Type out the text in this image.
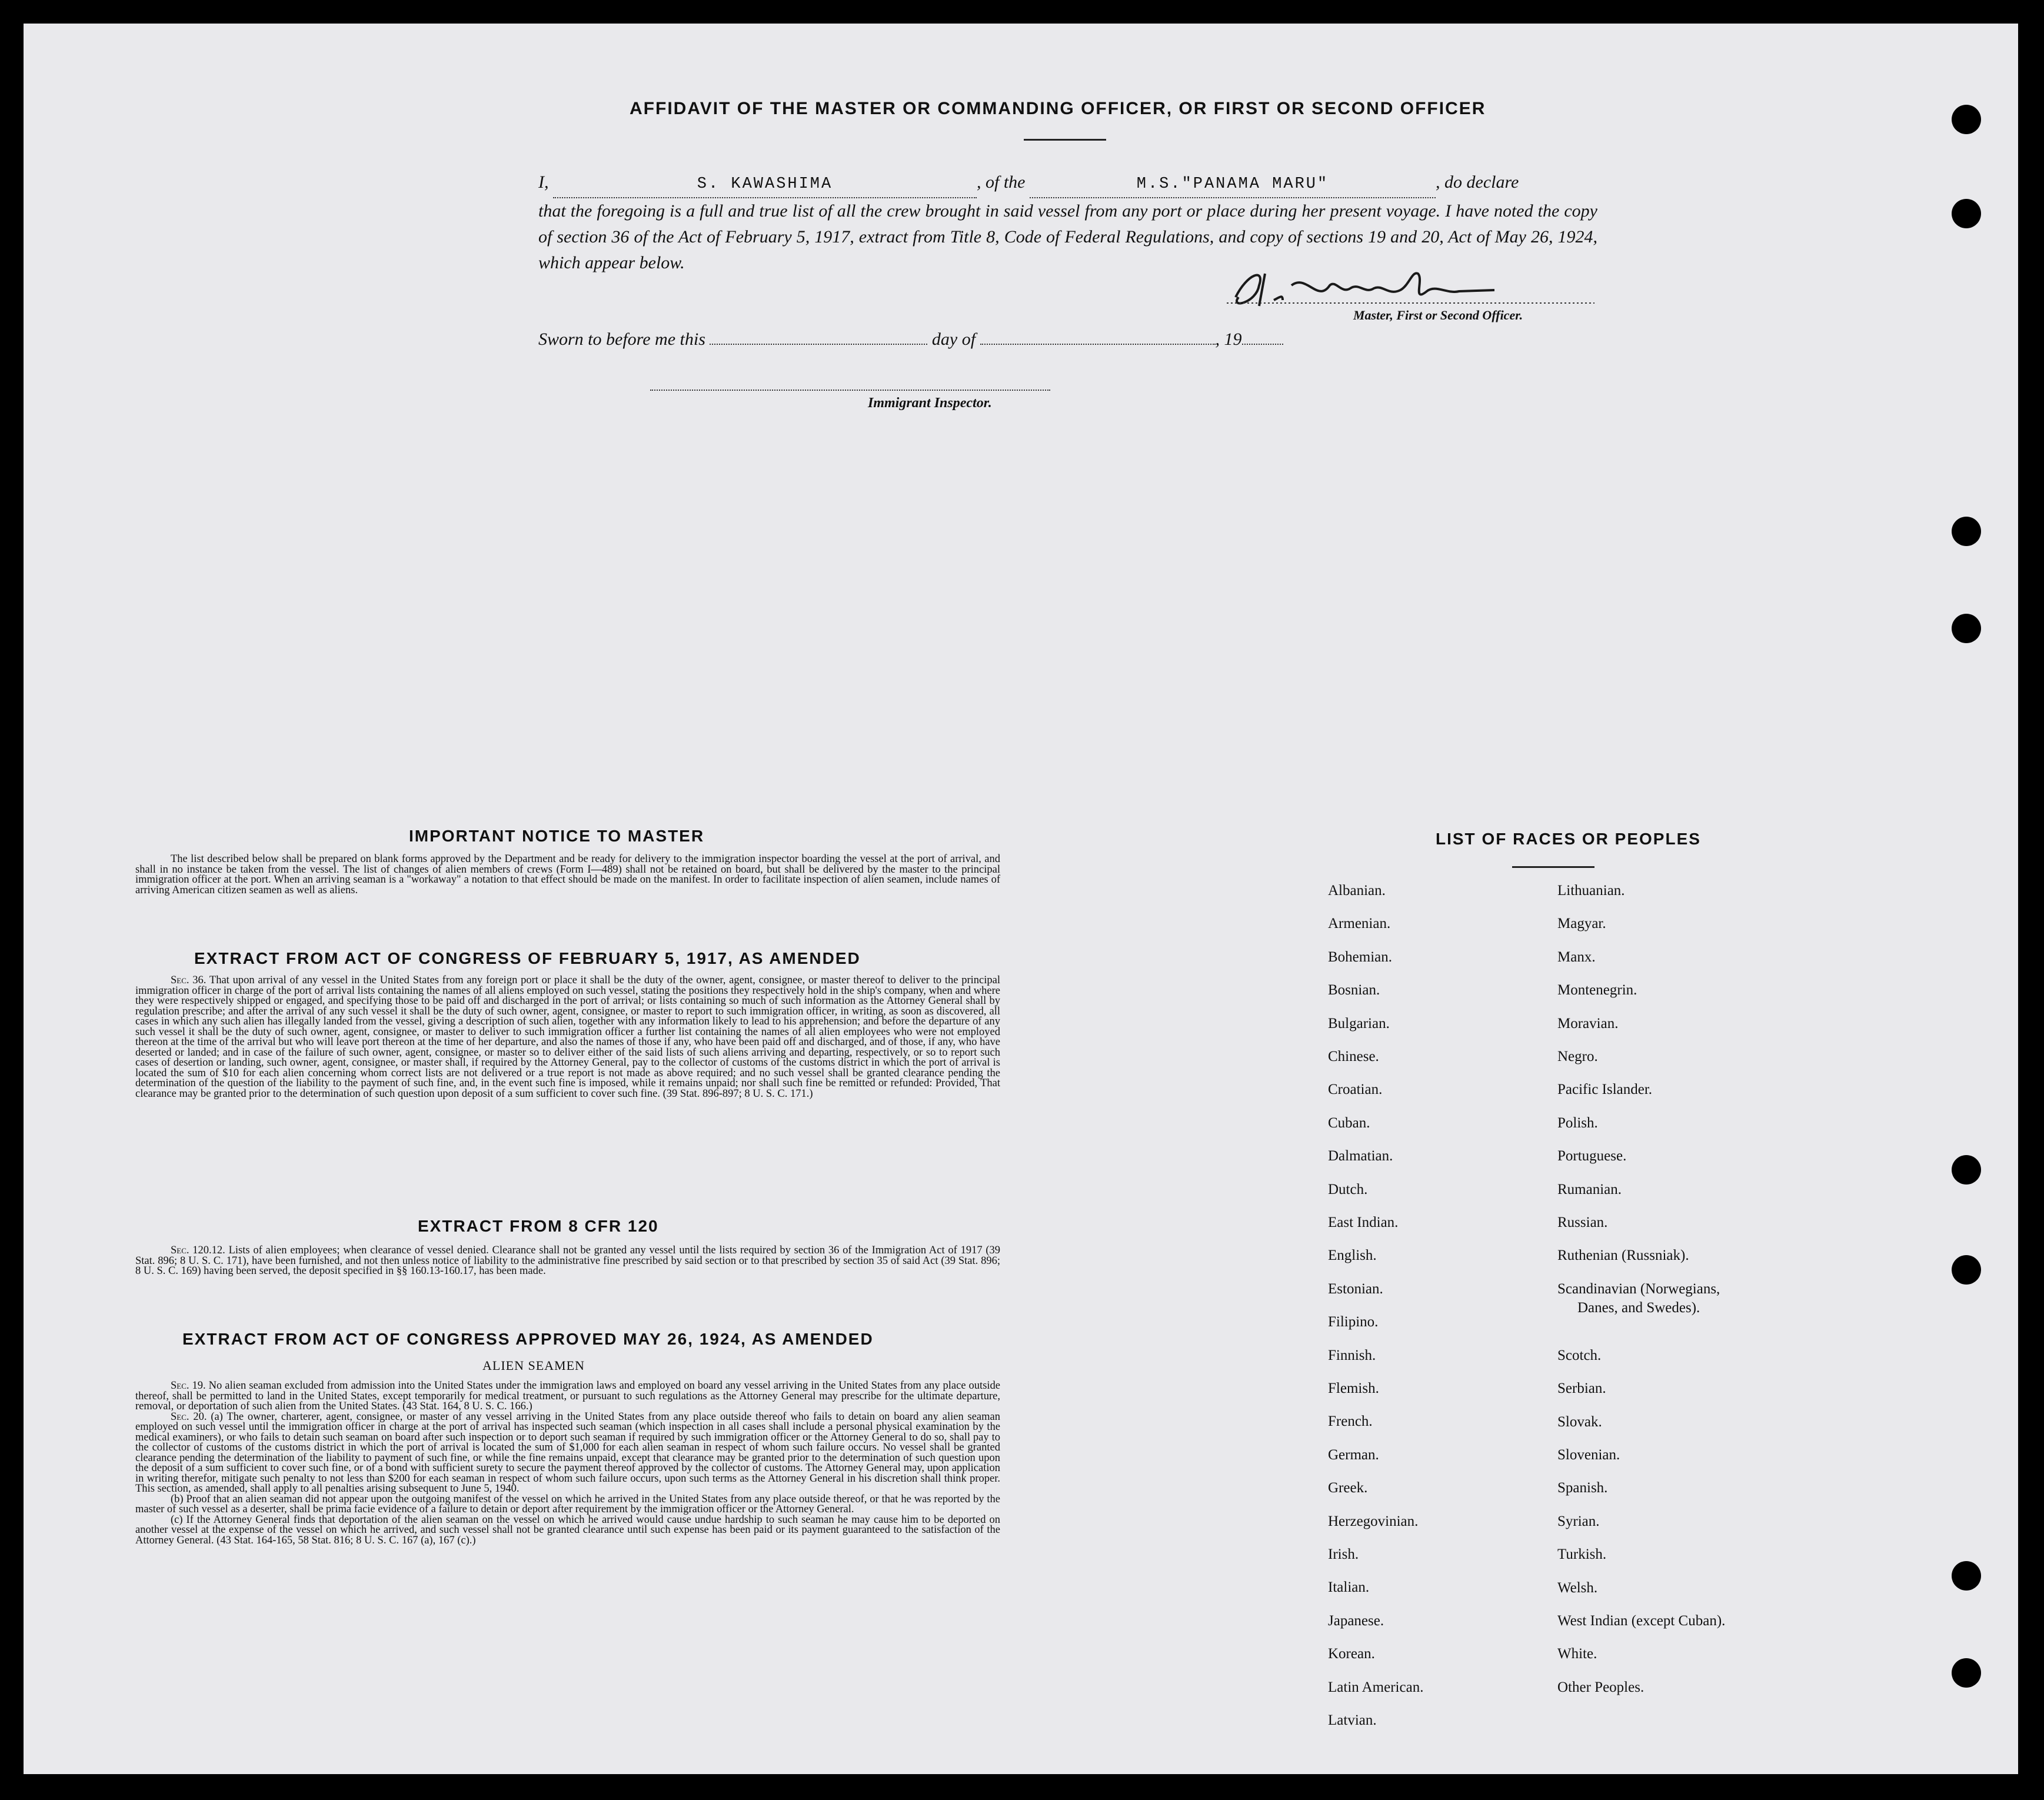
AFFIDAVIT OF THE MASTER OR COMMANDING OFFICER, OR FIRST OR SECOND OFFICER
I,	S. KAWASHIMA	, of the	M.S."PANAMA MARU"	, do declare
that the foregoing is a full and true list of all the crew brought in said vessel from any port or place during her present voyage. I have noted the copy of section 36 of the Act of February 5, 1917, extract from Title 8, Code of Federal Regulations, and copy of sections 19 and 20, Act of May 26, 1924, which appear below.
Master, First or Second Officer.
Sworn to before me this	day of	, 19
Immigrant Inspector.
IMPORTANT NOTICE TO MASTER
The list described below shall be prepared on blank forms approved by the Department and be ready for delivery to the immigration inspector boarding the vessel at the port of arrival, and shall in no instance be taken from the vessel. The list of changes of alien members of crews (Form I—489) shall not be retained on board, but shall be delivered by the master to the principal immigration officer at the port. When an arriving seaman is a "workaway" a notation to that effect should be made on the manifest. In order to facilitate inspection of alien seamen, include names of arriving American citizen seamen as well as aliens.
EXTRACT FROM ACT OF CONGRESS OF FEBRUARY 5, 1917, AS AMENDED
Sec. 36. That upon arrival of any vessel in the United States from any foreign port or place it shall be the duty of the owner, agent, consignee, or master thereof to deliver to the principal immigration officer in charge of the port of arrival lists containing the names of all aliens employed on such vessel, stating the positions they respectively hold in the ship's company, when and where they were respectively shipped or engaged, and specifying those to be paid off and discharged in the port of arrival; or lists containing so much of such information as the Attorney General shall by regulation prescribe; and after the arrival of any such vessel it shall be the duty of such owner, agent, consignee, or master to report to such immigration officer, in writing, as soon as discovered, all cases in which any such alien has illegally landed from the vessel, giving a description of such alien, together with any information likely to lead to his apprehension; and before the departure of any such vessel it shall be the duty of such owner, agent, consignee, or master to deliver to such immigration officer a further list containing the names of all alien employees who were not employed thereon at the time of the arrival but who will leave port thereon at the time of her departure, and also the names of those if any, who have been paid off and discharged, and of those, if any, who have deserted or landed; and in case of the failure of such owner, agent, consignee, or master so to deliver either of the said lists of such aliens arriving and departing, respectively, or so to report such cases of desertion or landing, such owner, agent, consignee, or master shall, if required by the Attorney General, pay to the collector of customs of the customs district in which the port of arrival is located the sum of $10 for each alien concerning whom correct lists are not delivered or a true report is not made as above required; and no such vessel shall be granted clearance pending the determination of the question of the liability to the payment of such fine, and, in the event such fine is imposed, while it remains unpaid; nor shall such fine be remitted or refunded: Provided, That clearance may be granted prior to the determination of such question upon deposit of a sum sufficient to cover such fine. (39 Stat. 896-897; 8 U. S. C. 171.)
EXTRACT FROM 8 CFR 120
Sec. 120.12. Lists of alien employees; when clearance of vessel denied. Clearance shall not be granted any vessel until the lists required by section 36 of the Immigration Act of 1917 (39 Stat. 896; 8 U. S. C. 171), have been furnished, and not then unless notice of liability to the administrative fine prescribed by said section or to that prescribed by section 35 of said Act (39 Stat. 896; 8 U. S. C. 169) having been served, the deposit specified in §§ 160.13-160.17, has been made.
EXTRACT FROM ACT OF CONGRESS APPROVED MAY 26, 1924, AS AMENDED
ALIEN SEAMEN
Sec. 19. No alien seaman excluded from admission into the United States under the immigration laws and employed on board any vessel arriving in the United States from any place outside thereof, shall be permitted to land in the United States, except temporarily for medical treatment, or pursuant to such regulations as the Attorney General may prescribe for the ultimate departure, removal, or deportation of such alien from the United States. (43 Stat. 164, 8 U. S. C. 166.)
Sec. 20. (a) The owner, charterer, agent, consignee, or master of any vessel arriving in the United States from any place outside thereof who fails to detain on board any alien seaman employed on such vessel until the immigration officer in charge at the port of arrival has inspected such seaman (which inspection in all cases shall include a personal physical examination by the medical examiners), or who fails to detain such seaman on board after such inspection or to deport such seaman if required by such immigration officer or the Attorney General to do so, shall pay to the collector of customs of the customs district in which the port of arrival is located the sum of $1,000 for each alien seaman in respect of whom such failure occurs. No vessel shall be granted clearance pending the determination of the liability to payment of such fine, or while the fine remains unpaid, except that clearance may be granted prior to the determination of such question upon the deposit of a sum sufficient to cover such fine, or of a bond with sufficient surety to secure the payment thereof approved by the collector of customs. The Attorney General may, upon application in writing therefor, mitigate such penalty to not less than $200 for each seaman in respect of whom such failure occurs, upon such terms as the Attorney General in his discretion shall think proper. This section, as amended, shall apply to all penalties arising subsequent to June 5, 1940.
(b) Proof that an alien seaman did not appear upon the outgoing manifest of the vessel on which he arrived in the United States from any place outside thereof, or that he was reported by the master of such vessel as a deserter, shall be prima facie evidence of a failure to detain or deport after requirement by the immigration officer or the Attorney General.
(c) If the Attorney General finds that deportation of the alien seaman on the vessel on which he arrived would cause undue hardship to such seaman he may cause him to be deported on another vessel at the expense of the vessel on which he arrived, and such vessel shall not be granted clearance until such expense has been paid or its payment guaranteed to the satisfaction of the Attorney General. (43 Stat. 164-165, 58 Stat. 816; 8 U. S. C. 167 (a), 167 (c).)
LIST OF RACES OR PEOPLES
Albanian.
Armenian.
Bohemian.
Bosnian.
Bulgarian.
Chinese.
Croatian.
Cuban.
Dalmatian.
Dutch.
East Indian.
English.
Estonian.
Filipino.
Finnish.
Flemish.
French.
German.
Greek.
Herzegovinian.
Irish.
Italian.
Japanese.
Korean.
Latin American.
Latvian.
Lithuanian.
Magyar.
Manx.
Montenegrin.
Moravian.
Negro.
Pacific Islander.
Polish.
Portuguese.
Rumanian.
Russian.
Ruthenian (Russniak).
Scandinavian (Norwegians,
Danes, and Swedes).
Scotch.
Serbian.
Slovak.
Slovenian.
Spanish.
Syrian.
Turkish.
Welsh.
West Indian (except Cuban).
White.
Other Peoples.
